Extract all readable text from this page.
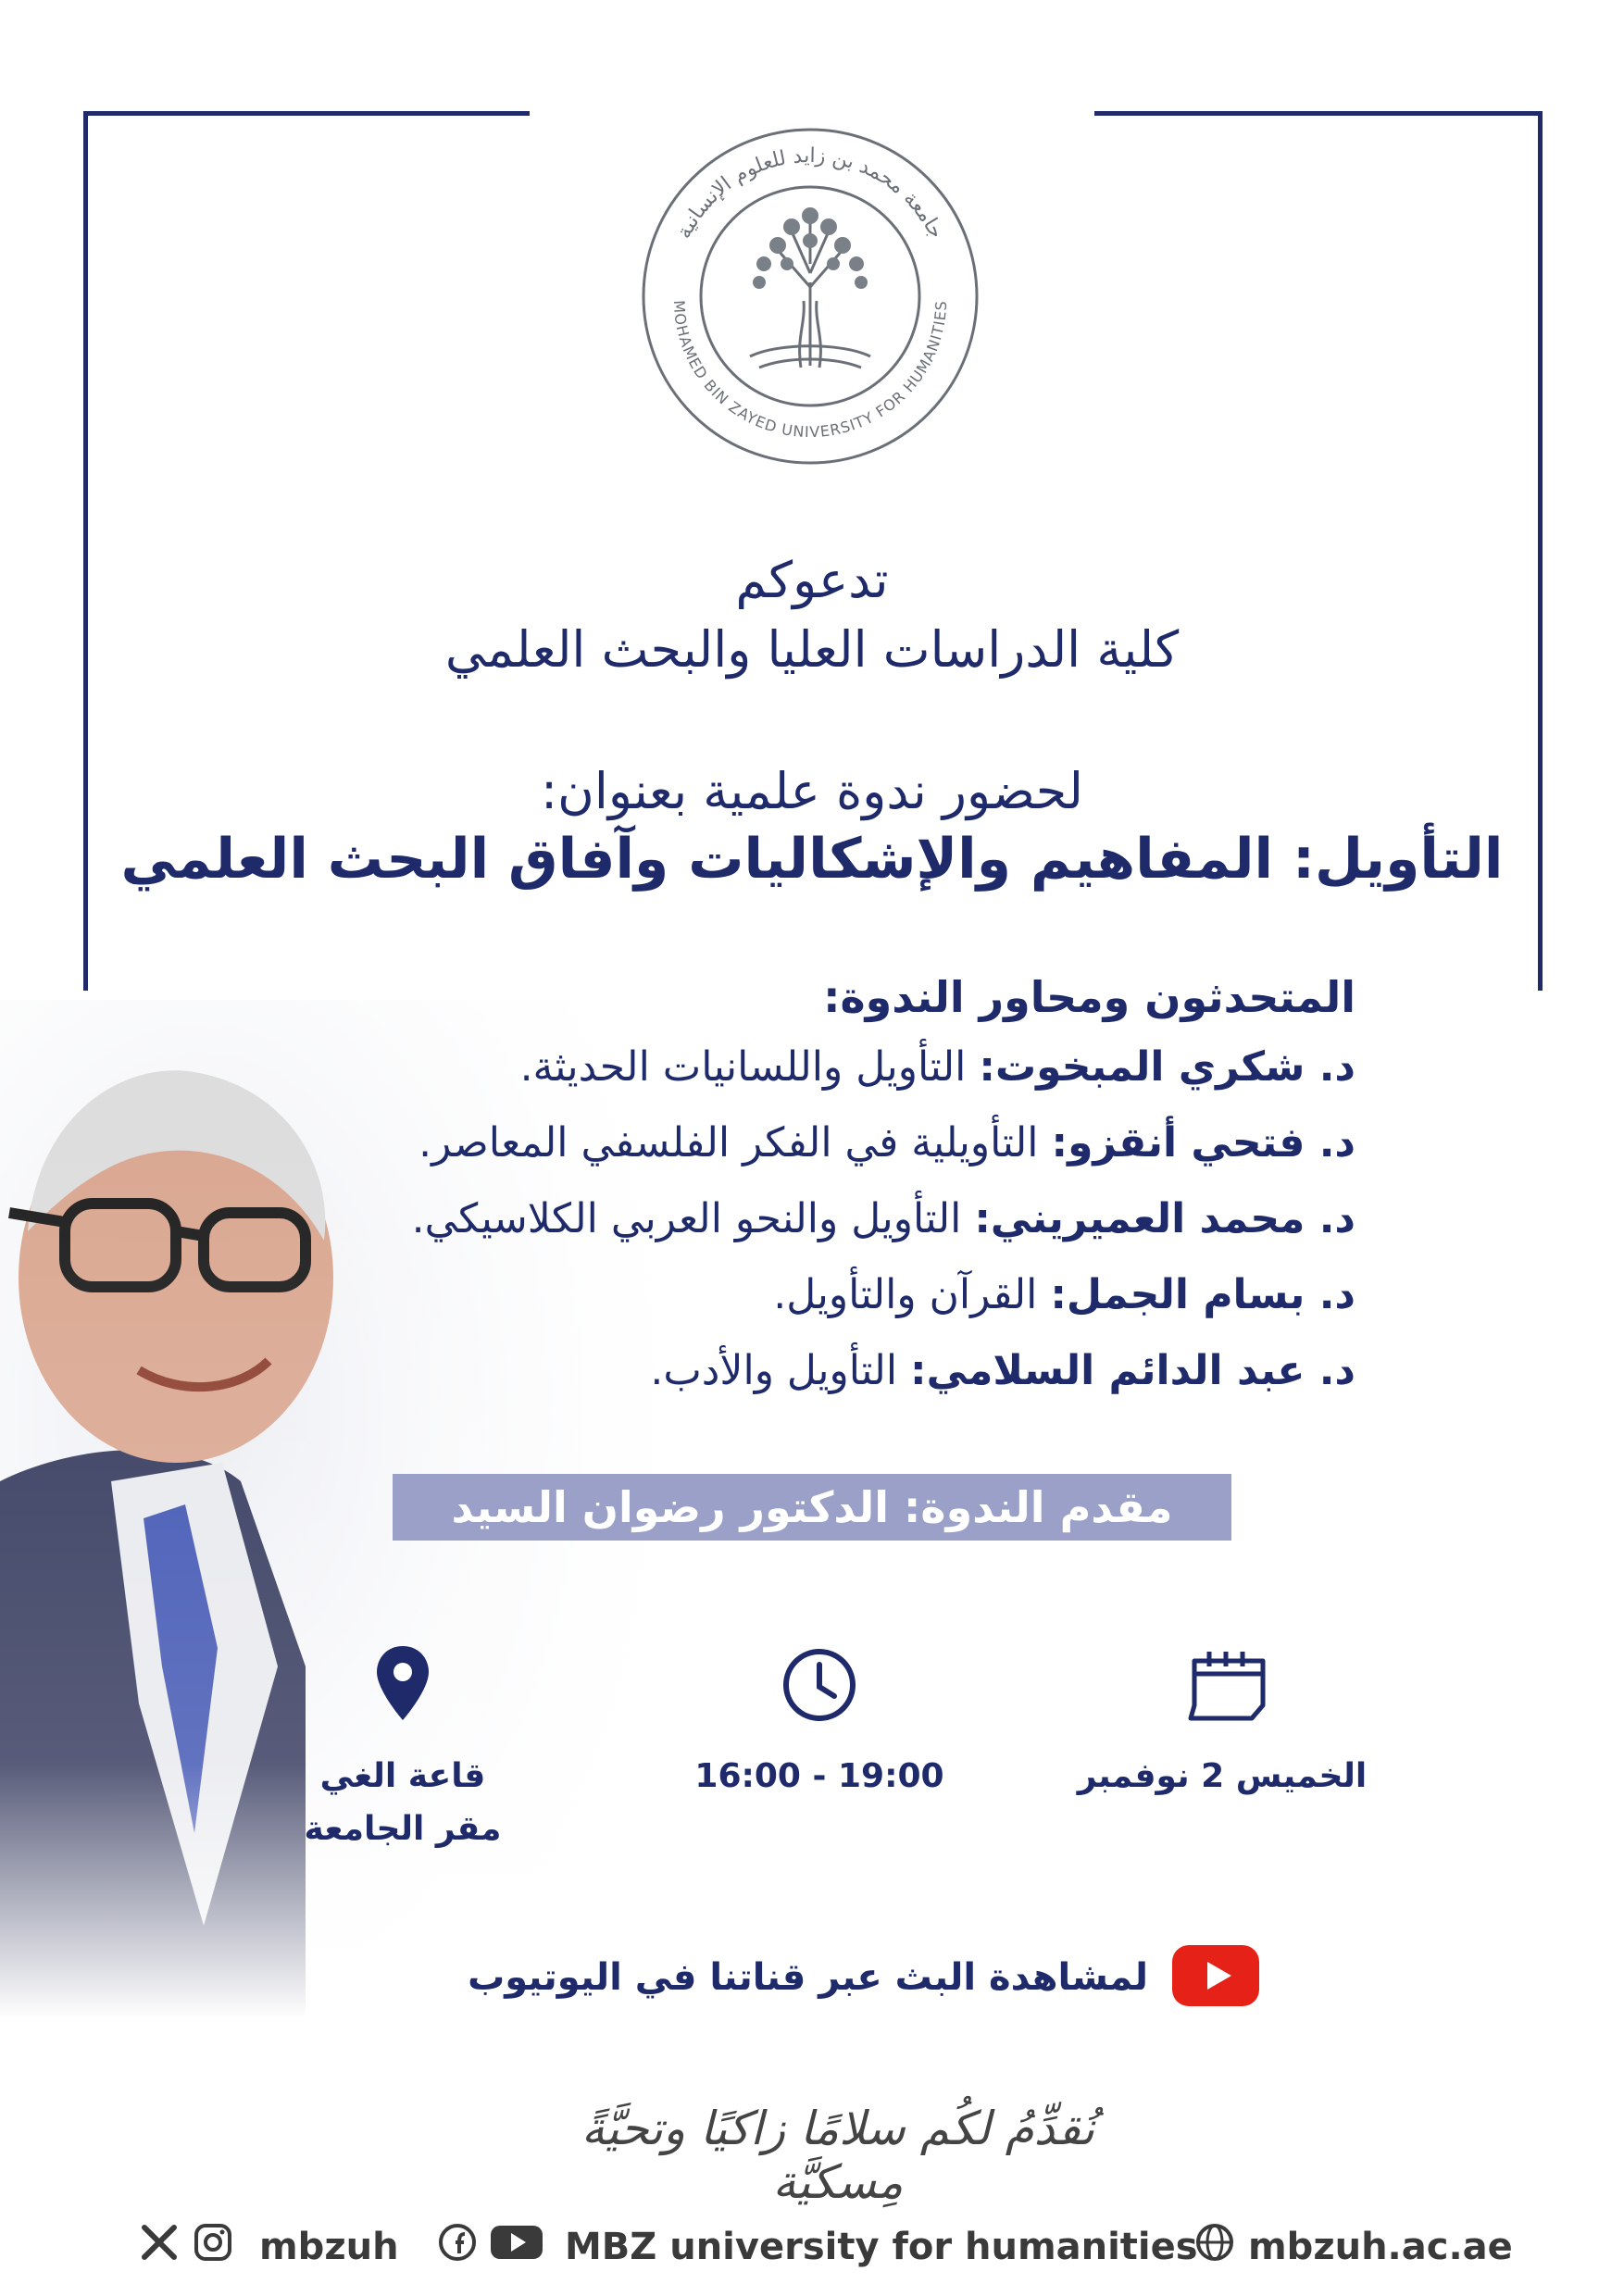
جامعة محمد بن زايد للعلوم الإنسانية
MOHAMED BIN ZAYED UNIVERSITY FOR HUMANITIES
تدعوكم
كلية الدراسات العليا والبحث العلمي
لحضور ندوة علمية بعنوان:
التأويل: المفاهيم والإشكاليات وآفاق البحث العلمي
المتحدثون ومحاور الندوة:
د. شكري المبخوت: التأويل واللسانيات الحديثة.
د. فتحي أنقزو: التأويلية في الفكر الفلسفي المعاصر.
د. محمد العميريني: التأويل والنحو العربي الكلاسيكي.
د. بسام الجمل: القرآن والتأويل.
د. عبد الدائم السلامي: التأويل والأدب.
مقدم الندوة: الدكتور رضوان السيد
الخميس 2 نوفمبر
16:00 - 19:00
قاعة الغي
مقر الجامعة
لمشاهدة البث عبر قناتنا في اليوتيوب
نُقدِّمُ لكُم سلامًا زاكيًا وتحيَّةً مِسكيَّة
mbzuh	MBZ university for humanities mbzuh.ac.ae
